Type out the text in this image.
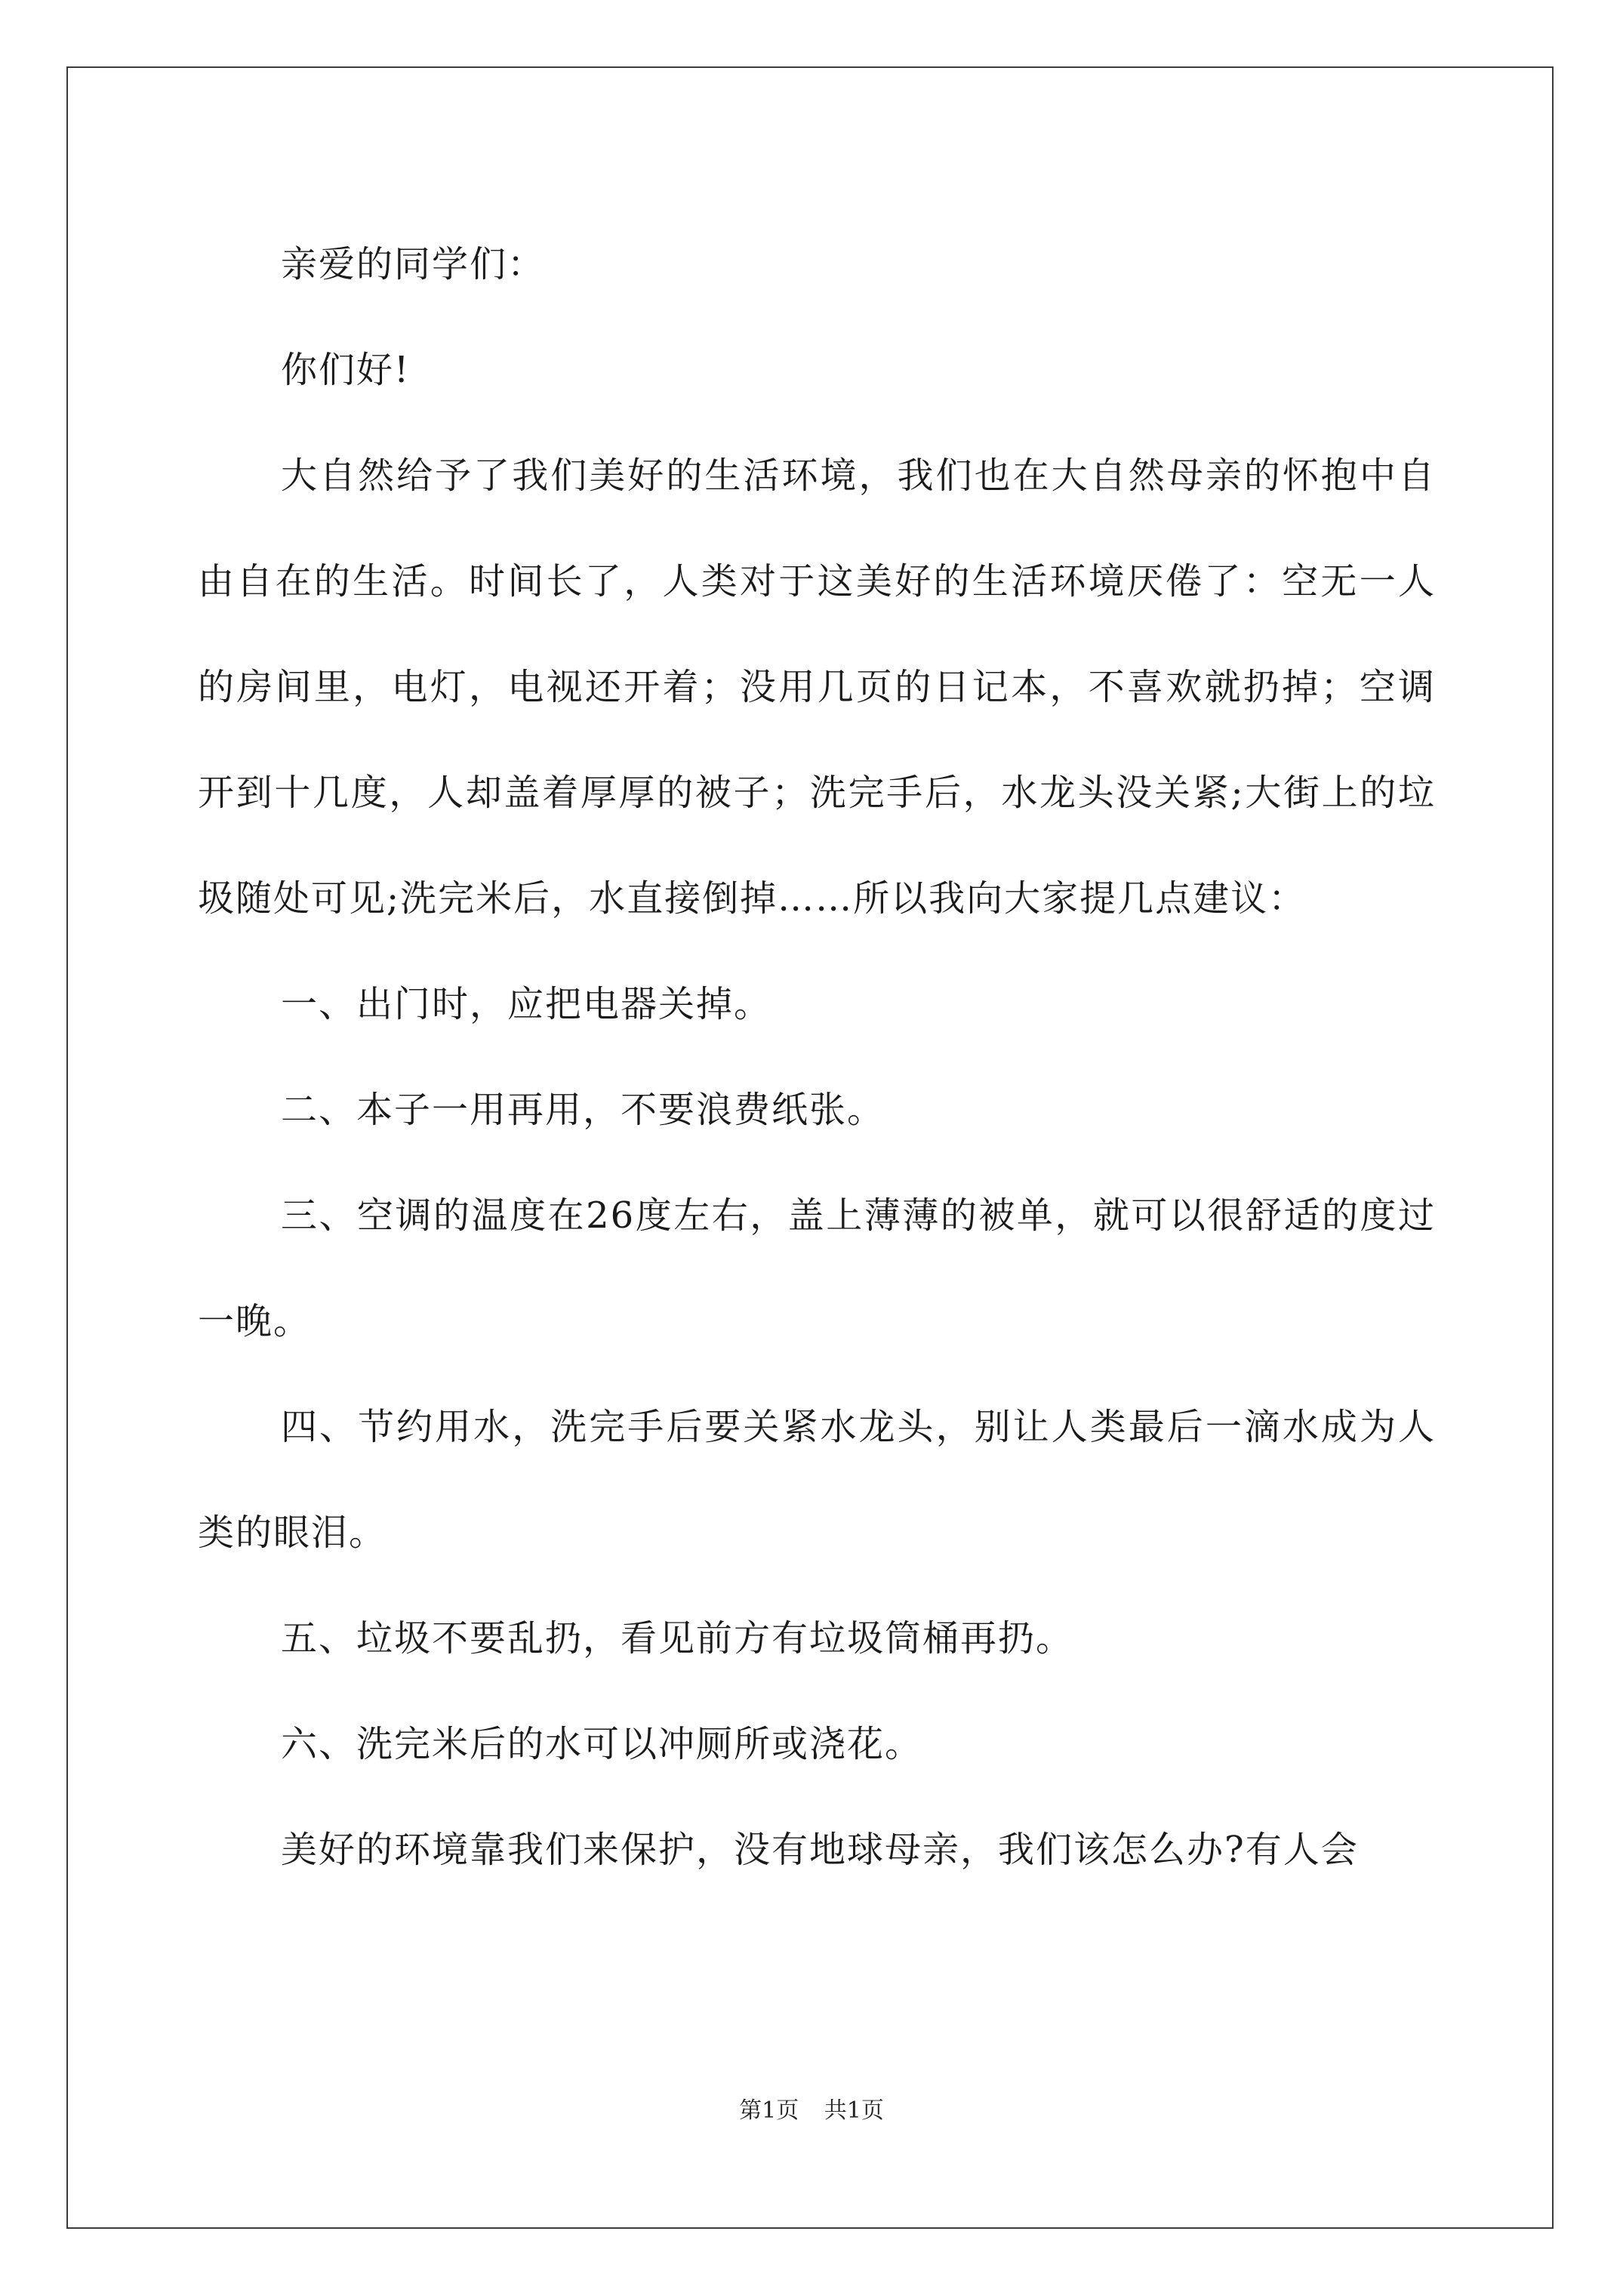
亲爱的同学们：

你们好!

大自然给予了我们美好的生活环境，我们也在大自然母亲的怀抱中自由自在的生活。时间长了，人类对于这美好的生活环境厌倦了：空无一人的房间里，电灯，电视还开着；没用几页的日记本，不喜欢就扔掉；空调开到十几度，人却盖着厚厚的被子；洗完手后，水龙头没关紧;大街上的垃圾随处可见;洗完米后，水直接倒掉……所以我向大家提几点建议：

一、出门时，应把电器关掉。

二、本子一用再用，不要浪费纸张。

三、空调的温度在26度左右，盖上薄薄的被单，就可以很舒适的度过一晚。

四、节约用水，洗完手后要关紧水龙头，别让人类最后一滴水成为人类的眼泪。

五、垃圾不要乱扔，看见前方有垃圾筒桶再扔。

六、洗完米后的水可以冲厕所或浇花。

美好的环境靠我们来保护，没有地球母亲，我们该怎么办?有人会

第1页 共1页
